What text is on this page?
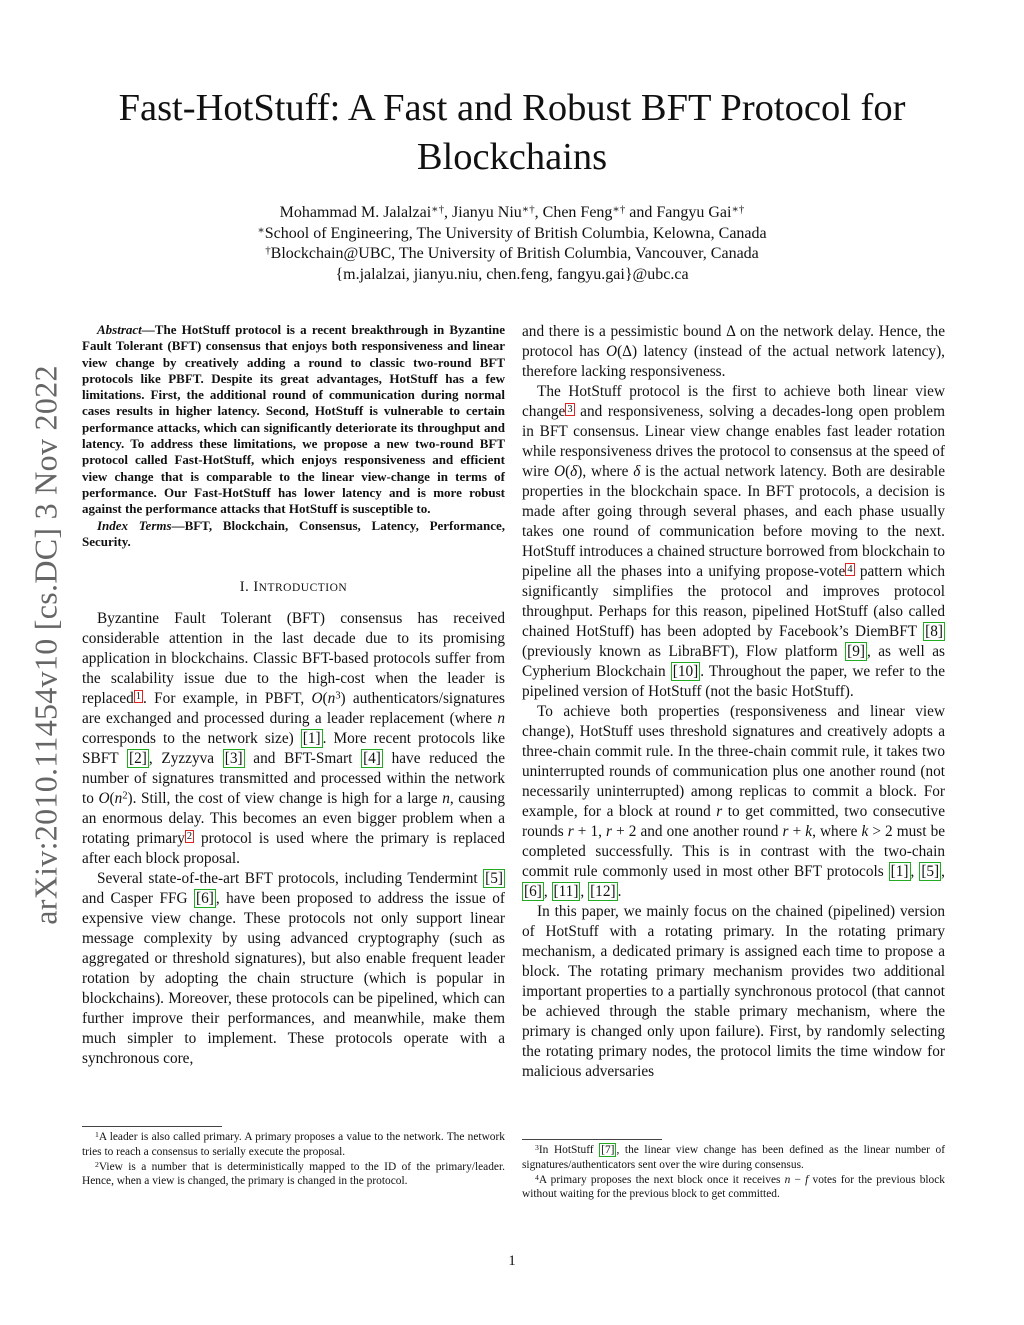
arXiv:2010.11454v10 [cs.DC] 3 Nov 2022
Fast-HotStuff: A Fast and Robust BFT Protocol for Blockchains
Mohammad M. Jalalzai∗†, Jianyu Niu∗†, Chen Feng∗† and Fangyu Gai∗†
∗School of Engineering, The University of British Columbia, Kelowna, Canada
†Blockchain@UBC, The University of British Columbia, Vancouver, Canada
{m.jalalzai, jianyu.niu, chen.feng, fangyu.gai}@ubc.ca

Abstract—The HotStuff protocol is a recent breakthrough in Byzantine Fault Tolerant (BFT) consensus that enjoys both responsiveness and linear view change by creatively adding a round to classic two-round BFT protocols like PBFT. Despite its great advantages, HotStuff has a few limitations. First, the additional round of communication during normal cases results in higher latency. Second, HotStuff is vulnerable to certain performance attacks, which can significantly deteriorate its throughput and latency. To address these limitations, we propose a new two-round BFT protocol called Fast-HotStuff, which enjoys responsiveness and efficient view change that is comparable to the linear view-change in terms of performance. Our Fast-HotStuff has lower latency and is more robust against the performance attacks that HotStuff is susceptible to.

Index Terms—BFT, Blockchain, Consensus, Latency, Performance, Security.

I. INTRODUCTION

Byzantine Fault Tolerant (BFT) consensus has received considerable attention in the last decade due to its promising application in blockchains. Classic BFT-based protocols suffer from the scalability issue due to the high-cost when the leader is replaced $^1$ . For example, in PBFT, $O(n^3)$ authenticators/signatures are exchanged and processed during a leader replacement (where n corresponds to the network size) [1] . More recent protocols like SBFT [2] , Zyzzyva [3] and BFT-Smart [4] have reduced the number of signatures transmitted and processed within the network to $O(n^2)$. Still, the cost of view change is high for a large n, causing an enormous delay. This becomes an even bigger problem when a rotating primary $^2$ protocol is used where the primary is replaced after each block proposal.

Several state-of-the-art BFT protocols, including Tendermint [5] and Casper FFG [6] , have been proposed to address the issue of expensive view change. These protocols not only support linear message complexity by using advanced cryptography (such as aggregated or threshold signatures), but also enable frequent leader rotation by adopting the chain structure (which is popular in blockchains). Moreover, these protocols can be pipelined, which can further improve their performances, and meanwhile, make them much simpler to implement. These protocols operate with a synchronous core,

$^1$A leader is also called primary. A primary proposes a value to the network. The network tries to reach a consensus to serially execute the proposal.

$^2$View is a number that is deterministically mapped to the ID of the primary/leader. Hence, when a view is changed, the primary is changed in the protocol.

and there is a pessimistic bound Δ on the network delay. Hence, the protocol has O(Δ) latency (instead of the actual network latency), therefore lacking responsiveness.

The HotStuff protocol is the first to achieve both linear view change $^3$ and responsiveness, solving a decades-long open problem in BFT consensus. Linear view change enables fast leader rotation while responsiveness drives the protocol to consensus at the speed of wire O(δ), where δ is the actual network latency. Both are desirable properties in the blockchain space. In BFT protocols, a decision is made after going through several phases, and each phase usually takes one round of communication before moving to the next. HotStuff introduces a chained structure borrowed from blockchain to pipeline all the phases into a unifying propose-vote $^4$ pattern which significantly simplifies the protocol and improves protocol throughput. Perhaps for this reason, pipelined HotStuff (also called chained HotStuff) has been adopted by Facebook’s DiemBFT [8] (previously known as LibraBFT), Flow platform [9] , as well as Cypherium Blockchain [10] . Throughout the paper, we refer to the pipelined version of HotStuff (not the basic HotStuff).

To achieve both properties (responsiveness and linear view change), HotStuff uses threshold signatures and creatively adopts a three-chain commit rule. In the three-chain commit rule, it takes two uninterrupted rounds of communication plus one another round (not necessarily uninterrupted) among replicas to commit a block. For example, for a block at round r to get committed, two consecutive rounds r + 1, r + 2 and one another round r + k, where k > 2 must be completed successfully. This is in contrast with the two-chain commit rule commonly used in most other BFT protocols [1] , [5] , [6] , [11] , [12] .

In this paper, we mainly focus on the chained (pipelined) version of HotStuff with a rotating primary. In the rotating primary mechanism, a dedicated primary is assigned each time to propose a block. The rotating primary mechanism provides two additional important properties to a partially synchronous protocol (that cannot be achieved through the stable primary mechanism, where the primary is changed only upon failure). First, by randomly selecting the rotating primary nodes, the protocol limits the time window for malicious adversaries

$^3$In HotStuff [7] , the linear view change has been defined as the linear number of signatures/authenticators sent over the wire during consensus.

$^4$A primary proposes the next block once it receives n − f votes for the previous block without waiting for the previous block to get committed.

1
